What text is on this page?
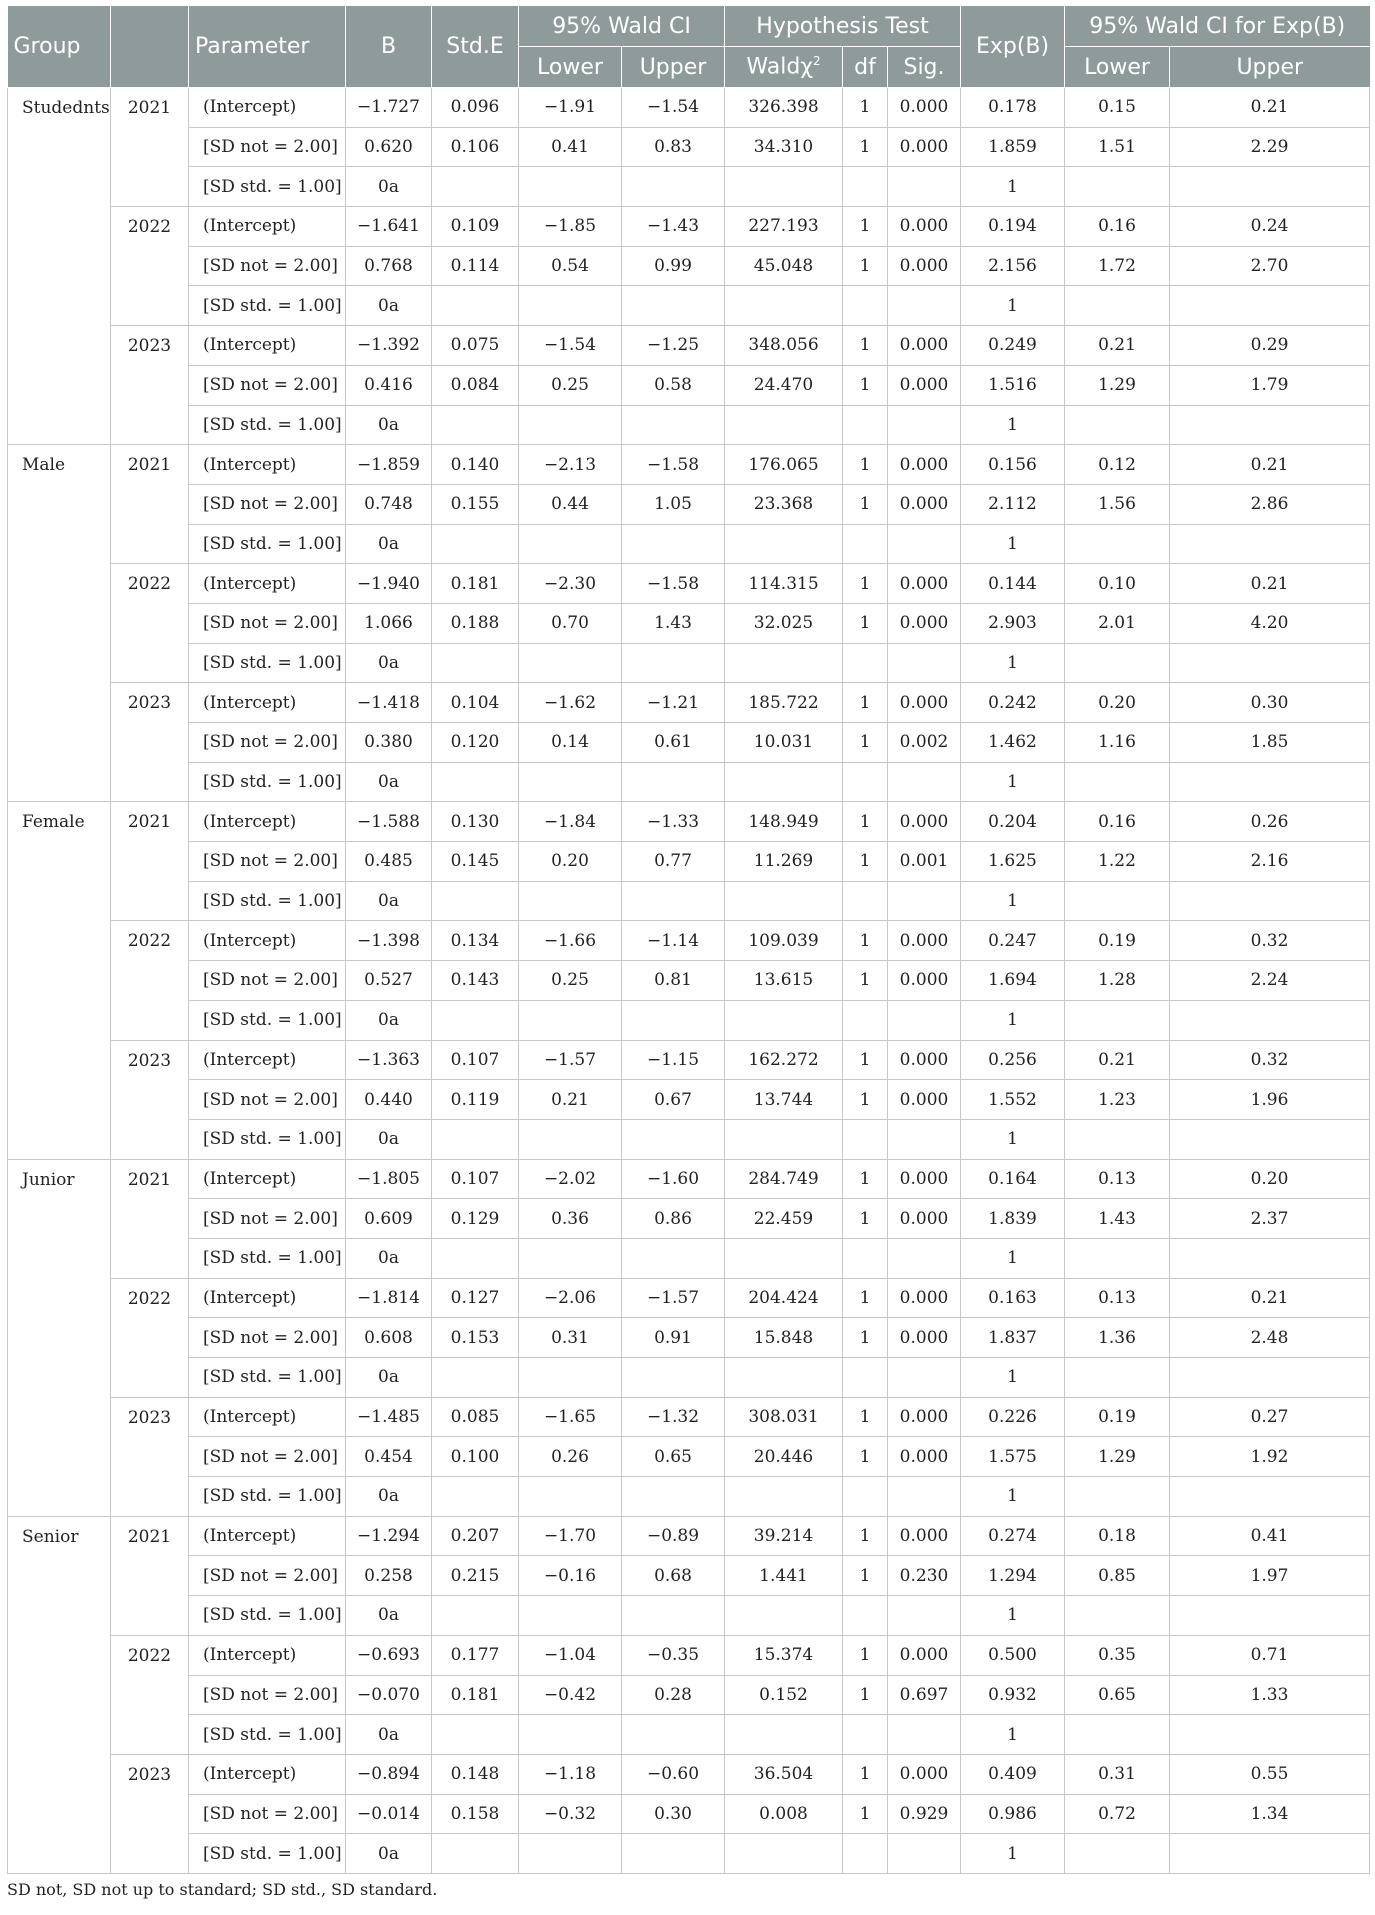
Group		Parameter	B	Std.E	95% Wald CI		Hypothesis Test			Exp(B)	95% Wald CI for Exp(B)	
					Lower	Upper	Waldχ$^2$	df	Sig.		Lower	Upper
Studednts	2021	(Intercept)	−1.727	0.096	−1.91	−1.54	326.398	1	0.000	0.178	0.15	0.21
		[SD not = 2.00]	0.620	0.106	0.41	0.83	34.310	1	0.000	1.859	1.51	2.29
		[SD std. = 1.00]	0a							1		
	2022	(Intercept)	−1.641	0.109	−1.85	−1.43	227.193	1	0.000	0.194	0.16	0.24
		[SD not = 2.00]	0.768	0.114	0.54	0.99	45.048	1	0.000	2.156	1.72	2.70
		[SD std. = 1.00]	0a							1		
	2023	(Intercept)	−1.392	0.075	−1.54	−1.25	348.056	1	0.000	0.249	0.21	0.29
		[SD not = 2.00]	0.416	0.084	0.25	0.58	24.470	1	0.000	1.516	1.29	1.79
		[SD std. = 1.00]	0a							1		
Male	2021	(Intercept)	−1.859	0.140	−2.13	−1.58	176.065	1	0.000	0.156	0.12	0.21
		[SD not = 2.00]	0.748	0.155	0.44	1.05	23.368	1	0.000	2.112	1.56	2.86
		[SD std. = 1.00]	0a							1		
	2022	(Intercept)	−1.940	0.181	−2.30	−1.58	114.315	1	0.000	0.144	0.10	0.21
		[SD not = 2.00]	1.066	0.188	0.70	1.43	32.025	1	0.000	2.903	2.01	4.20
		[SD std. = 1.00]	0a							1		
	2023	(Intercept)	−1.418	0.104	−1.62	−1.21	185.722	1	0.000	0.242	0.20	0.30
		[SD not = 2.00]	0.380	0.120	0.14	0.61	10.031	1	0.002	1.462	1.16	1.85
		[SD std. = 1.00]	0a							1		
Female	2021	(Intercept)	−1.588	0.130	−1.84	−1.33	148.949	1	0.000	0.204	0.16	0.26
		[SD not = 2.00]	0.485	0.145	0.20	0.77	11.269	1	0.001	1.625	1.22	2.16
		[SD std. = 1.00]	0a							1		
	2022	(Intercept)	−1.398	0.134	−1.66	−1.14	109.039	1	0.000	0.247	0.19	0.32
		[SD not = 2.00]	0.527	0.143	0.25	0.81	13.615	1	0.000	1.694	1.28	2.24
		[SD std. = 1.00]	0a							1		
	2023	(Intercept)	−1.363	0.107	−1.57	−1.15	162.272	1	0.000	0.256	0.21	0.32
		[SD not = 2.00]	0.440	0.119	0.21	0.67	13.744	1	0.000	1.552	1.23	1.96
		[SD std. = 1.00]	0a							1		
Junior	2021	(Intercept)	−1.805	0.107	−2.02	−1.60	284.749	1	0.000	0.164	0.13	0.20
		[SD not = 2.00]	0.609	0.129	0.36	0.86	22.459	1	0.000	1.839	1.43	2.37
		[SD std. = 1.00]	0a							1		
	2022	(Intercept)	−1.814	0.127	−2.06	−1.57	204.424	1	0.000	0.163	0.13	0.21
		[SD not = 2.00]	0.608	0.153	0.31	0.91	15.848	1	0.000	1.837	1.36	2.48
		[SD std. = 1.00]	0a							1		
	2023	(Intercept)	−1.485	0.085	−1.65	−1.32	308.031	1	0.000	0.226	0.19	0.27
		[SD not = 2.00]	0.454	0.100	0.26	0.65	20.446	1	0.000	1.575	1.29	1.92
		[SD std. = 1.00]	0a							1		
Senior	2021	(Intercept)	−1.294	0.207	−1.70	−0.89	39.214	1	0.000	0.274	0.18	0.41
		[SD not = 2.00]	0.258	0.215	−0.16	0.68	1.441	1	0.230	1.294	0.85	1.97
		[SD std. = 1.00]	0a							1		
	2022	(Intercept)	−0.693	0.177	−1.04	−0.35	15.374	1	0.000	0.500	0.35	0.71
		[SD not = 2.00]	−0.070	0.181	−0.42	0.28	0.152	1	0.697	0.932	0.65	1.33
		[SD std. = 1.00]	0a							1		
	2023	(Intercept)	−0.894	0.148	−1.18	−0.60	36.504	1	0.000	0.409	0.31	0.55
		[SD not = 2.00]	−0.014	0.158	−0.32	0.30	0.008	1	0.929	0.986	0.72	1.34
		[SD std. = 1.00]	0a							1		
SD not, SD not up to standard; SD std., SD standard.
